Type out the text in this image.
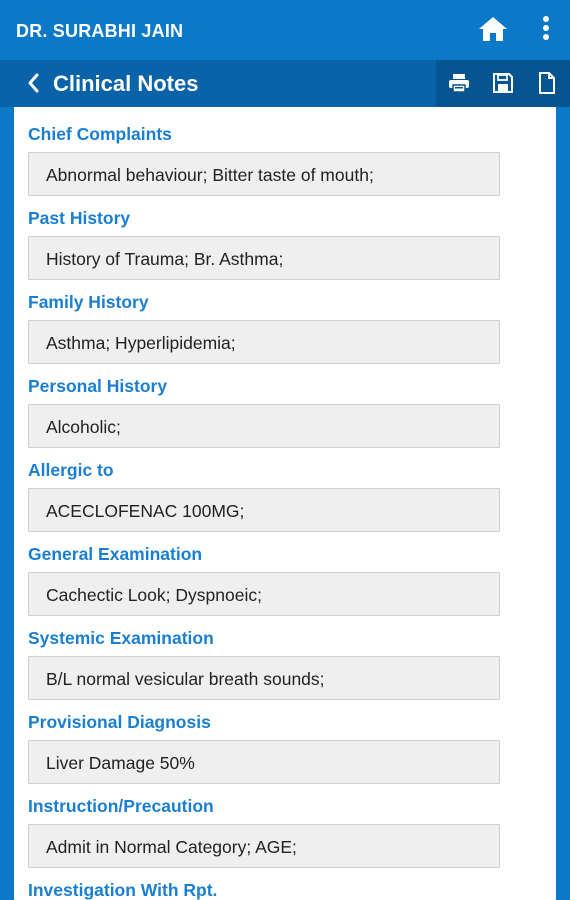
DR. SURABHI JAIN
Clinical Notes
Chief Complaints
Abnormal behaviour; Bitter taste of mouth;
Past History
History of Trauma; Br. Asthma;
Family History
Asthma; Hyperlipidemia;
Personal History
Alcoholic;
Allergic to
ACECLOFENAC 100MG;
General Examination
Cachectic Look; Dyspnoeic;
Systemic Examination
B/L normal vesicular breath sounds;
Provisional Diagnosis
Liver Damage 50%
Instruction/Precaution
Admit in Normal Category; AGE;
Investigation With Rpt.
